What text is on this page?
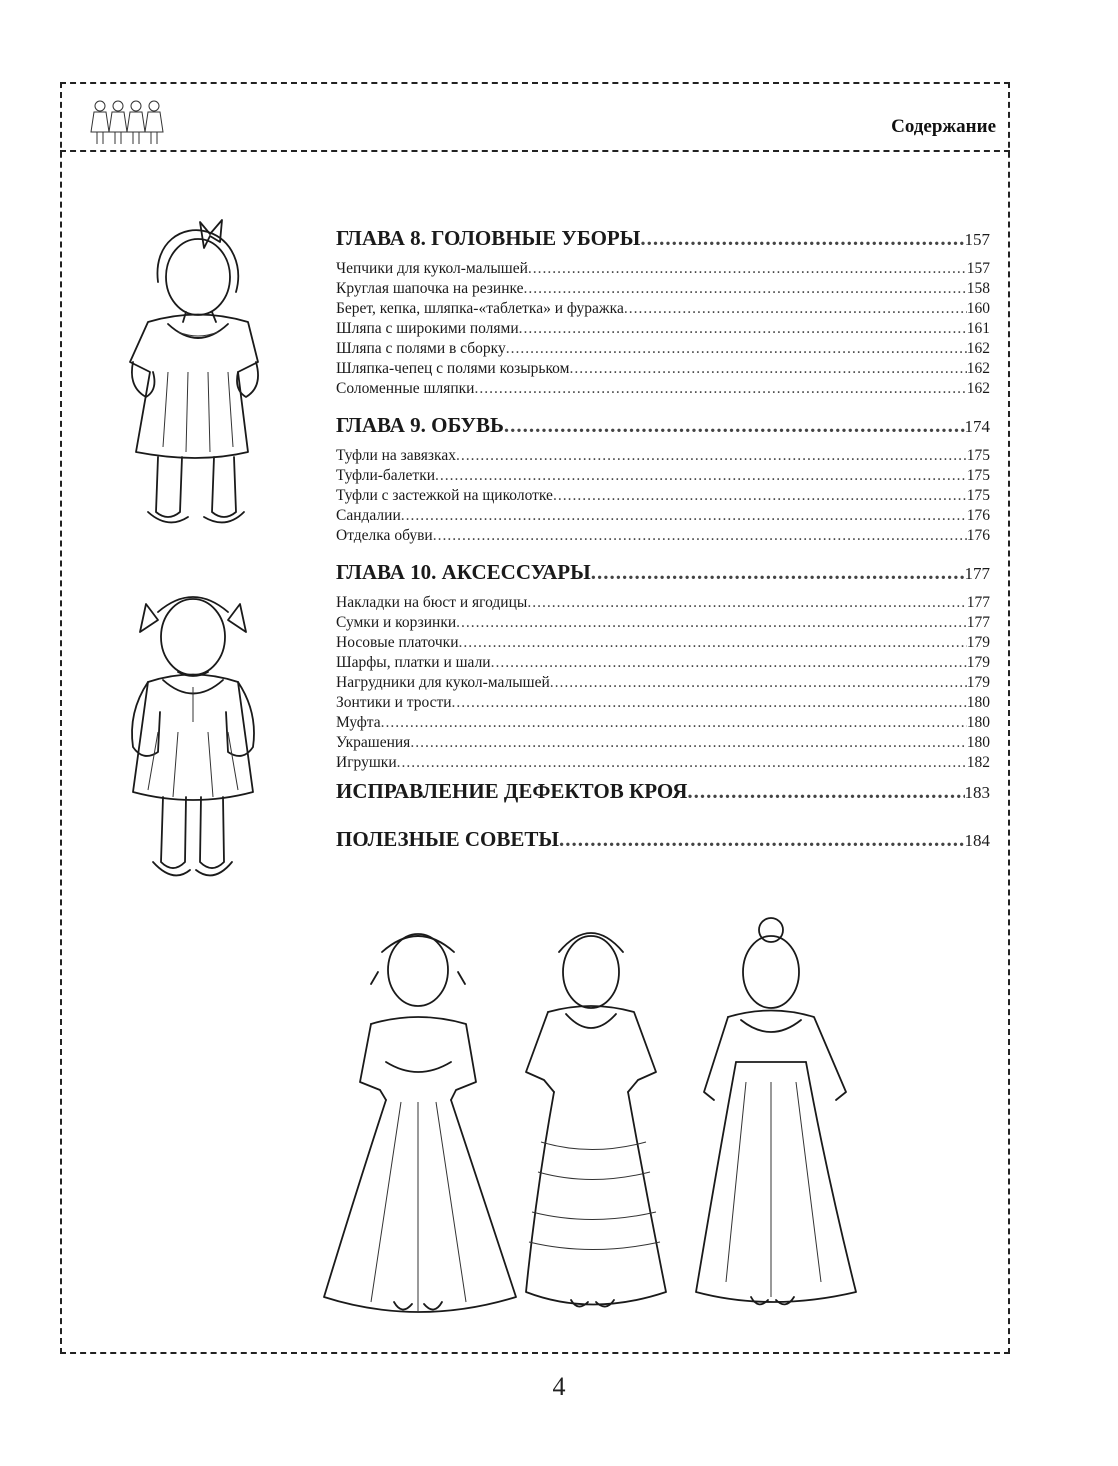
Содержание
ГЛАВА 8. ГОЛОВНЫЕ УБОРЫ .....	157
Чепчики для кукол-малышей .....	157
Круглая шапочка на резинке .....	158
Берет, кепка, шляпка-«таблетка» и фуражка .....	160
Шляпа с широкими полями .....	161
Шляпа с полями в сборку .....	162
Шляпка-чепец с полями козырьком .....	162
Соломенные шляпки .....	162
ГЛАВА 9. ОБУВЬ .....	174
Туфли на завязках .....	175
Туфли-балетки .....	175
Туфли с застежкой на щиколотке .....	175
Сандалии .....	176
Отделка обуви .....	176
ГЛАВА 10. АКСЕССУАРЫ .....	177
Накладки на бюст и ягодицы .....	177
Сумки и корзинки .....	177
Носовые платочки .....	179
Шарфы, платки и шали .....	179
Нагрудники для кукол-малышей .....	179
Зонтики и трости .....	180
Муфта .....	180
Украшения .....	180
Игрушки .....	182
ИСПРАВЛЕНИЕ ДЕФЕКТОВ КРОЯ .....	183
ПОЛЕЗНЫЕ СОВЕТЫ .....	184
4
